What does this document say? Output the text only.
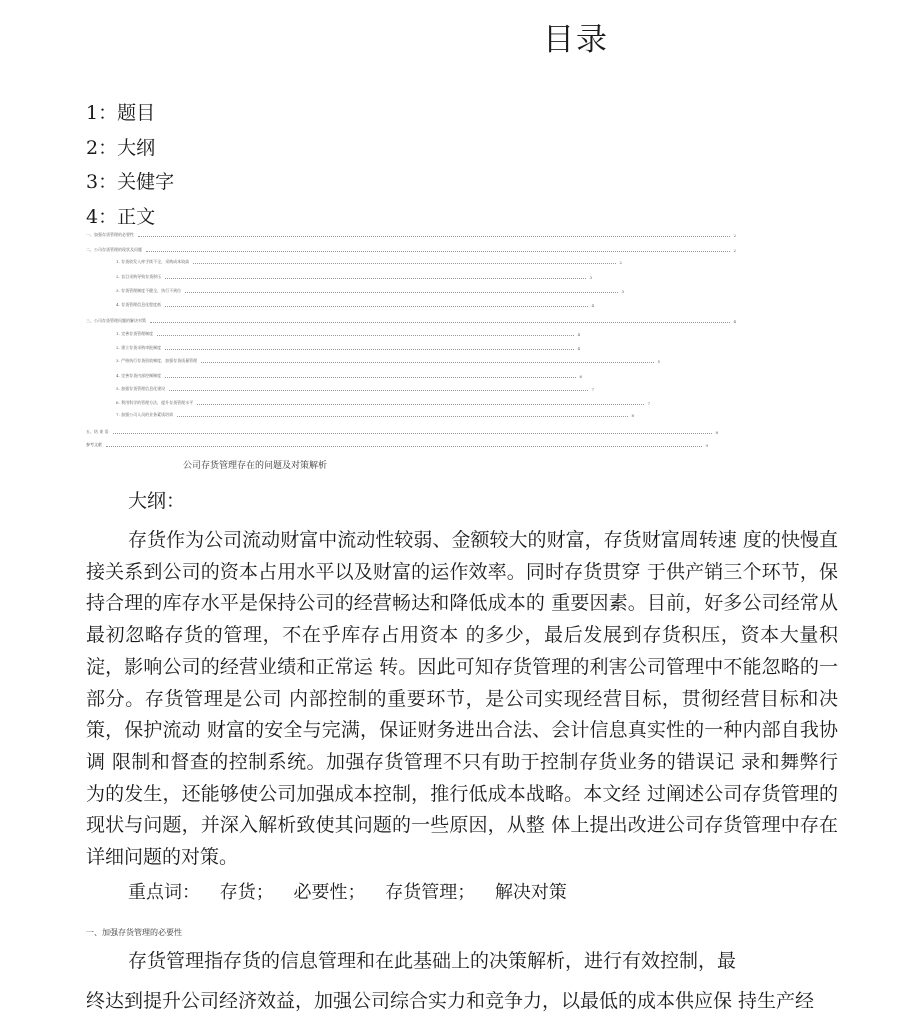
目录
1：题目
2：大纲
3：关健字
4：正文
一、加强存货管理的必要性	2
二、公司存货管理的现状及问题	2
1. 存货收发入库手续不全，采购成本较高	2
2. 盲目采购导致存货积压	3
3. 存货管理制度不健全，执行不到位	3
4. 存货管理信息化程度低	4
三、公司存货管理问题的解决对策	4
1. 完善存货管理制度	4
2. 建立存货采购审批制度	4
3. 严格执行存货验收制度，加强存货质量管理	5
4. 完善存货内部控制制度	6
5. 加强存货管理信息化建设	7
6. 利用科学的管理方法，提升存货管理水平	7
7. 加强公司人员的业务素质培训	8
五、结 束 语	8
参考文献	9
公司存货管理存在的问题及对策解析
大纲：

存货作为公司流动财富中流动性较弱、金额较大的财富，存货财富周转速 度的快慢直接关系到公司的资本占用水平以及财富的运作效率。同时存货贯穿 于供产销三个环节，保持合理的库存水平是保持公司的经营畅达和降低成本的 重要因素。目前，好多公司经常从最初忽略存货的管理，不在乎库存占用资本 的多少，最后发展到存货积压，资本大量积淀，影响公司的经营业绩和正常运 转。因此可知存货管理的利害公司管理中不能忽略的一部分。存货管理是公司 内部控制的重要环节，是公司实现经营目标，贯彻经营目标和决策，保护流动 财富的安全与完满，保证财务进出合法、会计信息真实性的一种内部自我协调 限制和督查的控制系统。加强存货管理不只有助于控制存货业务的错误记 录和舞弊行为的发生，还能够使公司加强成本控制，推行低成本战略。本文经 过阐述公司存货管理的现状与问题，并深入解析致使其问题的一些原因，从整 体上提出改进公司存货管理中存在详细问题的对策。

重点词： 存货； 必要性； 存货管理； 解决对策
一、加强存货管理的必要性
存货管理指存货的信息管理和在此基础上的决策解析，进行有效控制，最
终达到提升公司经济效益，加强公司综合实力和竞争力，以最低的成本供应保 持生产经
